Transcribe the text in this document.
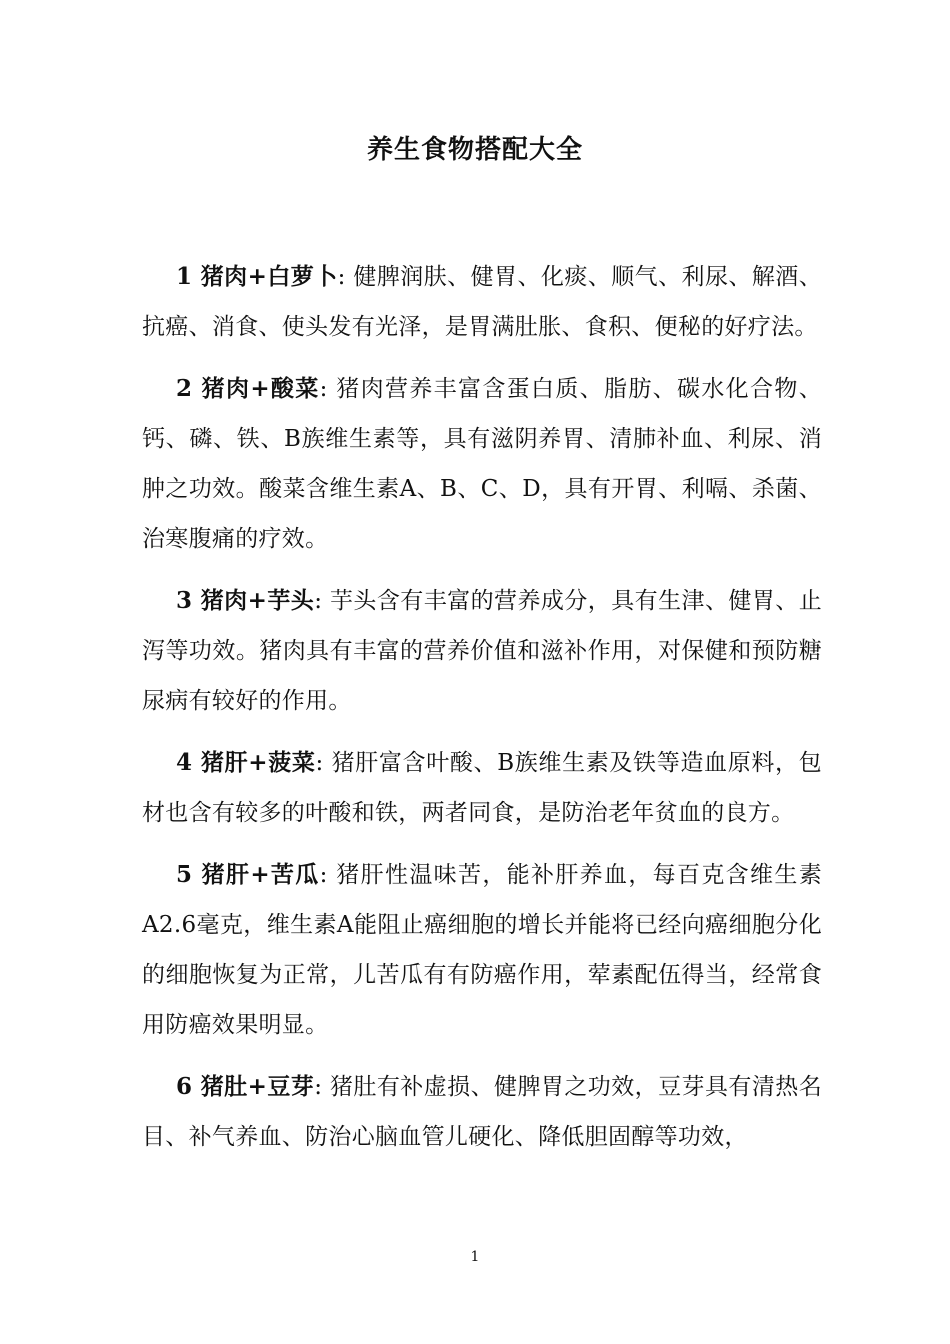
养生食物搭配大全

1 猪肉+白萝卜: 健脾润肤、健胃、化痰、顺气、利尿、解酒、抗癌、消食、使头发有光泽，是胃满肚胀、食积、便秘的好疗法。

2 猪肉+酸菜: 猪肉营养丰富含蛋白质、脂肪、碳水化合物、钙、磷、铁、B族维生素等，具有滋阴养胃、清肺补血、利尿、消肿之功效。酸菜含维生素A、B、C、D，具有开胃、利嗝、杀菌、治寒腹痛的疗效。

3 猪肉+芋头: 芋头含有丰富的营养成分，具有生津、健胃、止泻等功效。猪肉具有丰富的营养价值和滋补作用，对保健和预防糖尿病有较好的作用。

4 猪肝+菠菜: 猪肝富含叶酸、B族维生素及铁等造血原料，包材也含有较多的叶酸和铁，两者同食，是防治老年贫血的良方。

5 猪肝+苦瓜: 猪肝性温味苦，能补肝养血，每百克含维生素A2.6毫克，维生素A能阻止癌细胞的增长并能将已经向癌细胞分化的细胞恢复为正常，儿苦瓜有有防癌作用，荤素配伍得当，经常食用防癌效果明显。

6 猪肚+豆芽: 猪肚有补虚损、健脾胃之功效，豆芽具有清热名目、补气养血、防治心脑血管儿硬化、降低胆固醇等功效，

1
